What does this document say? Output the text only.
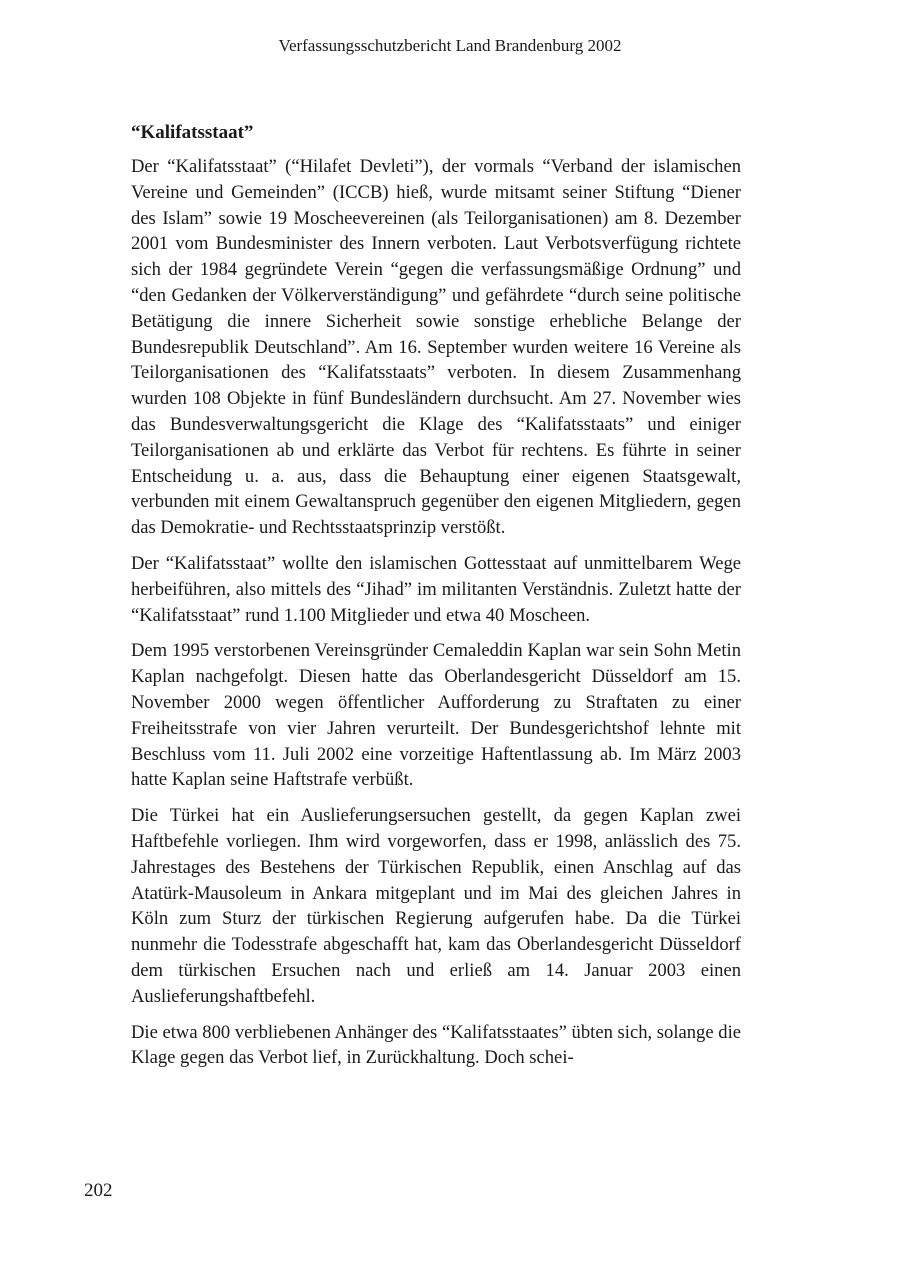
Verfassungsschutzbericht Land Brandenburg 2002
“Kalifatsstaat”

Der “Kalifatsstaat” (“Hilafet Devleti”), der vormals “Verband der islamischen Vereine und Gemeinden” (ICCB) hieß, wurde mitsamt seiner Stiftung “Diener des Islam” sowie 19 Moscheevereinen (als Teilorganisationen) am 8. Dezember 2001 vom Bundesminister des Innern verboten. Laut Verbotsverfügung richtete sich der 1984 gegründete Verein “gegen die verfassungsmäßige Ordnung” und “den Gedanken der Völkerverständigung” und gefährdete “durch seine politische Betätigung die innere Sicherheit sowie sonstige erhebliche Belange der Bundesrepublik Deutschland”. Am 16. September wurden weitere 16 Vereine als Teilorganisationen des “Kalifatsstaats” verboten. In diesem Zusammenhang wurden 108 Objekte in fünf Bundesländern durchsucht. Am 27. November wies das Bundesverwaltungsgericht die Klage des “Kalifatsstaats” und einiger Teilorganisationen ab und erklärte das Verbot für rechtens. Es führte in seiner Entscheidung u. a. aus, dass die Behauptung einer eigenen Staatsgewalt, verbunden mit einem Gewaltanspruch gegenüber den eigenen Mitgliedern, gegen das Demokratie- und Rechtsstaatsprinzip verstößt.

Der “Kalifatsstaat” wollte den islamischen Gottesstaat auf unmittelbarem Wege herbeiführen, also mittels des “Jihad” im militanten Verständnis. Zuletzt hatte der “Kalifatsstaat” rund 1.100 Mitglieder und etwa 40 Moscheen.

Dem 1995 verstorbenen Vereinsgründer Cemaleddin Kaplan war sein Sohn Metin Kaplan nachgefolgt. Diesen hatte das Oberlandesgericht Düsseldorf am 15. November 2000 wegen öffentlicher Aufforderung zu Straftaten zu einer Freiheitsstrafe von vier Jahren verurteilt. Der Bundesgerichtshof lehnte mit Beschluss vom 11. Juli 2002 eine vorzeitige Haftentlassung ab. Im März 2003 hatte Kaplan seine Haftstrafe verbüßt.

Die Türkei hat ein Auslieferungsersuchen gestellt, da gegen Kaplan zwei Haftbefehle vorliegen. Ihm wird vorgeworfen, dass er 1998, anlässlich des 75. Jahrestages des Bestehens der Türkischen Republik, einen Anschlag auf das Atatürk-Mausoleum in Ankara mitgeplant und im Mai des gleichen Jahres in Köln zum Sturz der türkischen Regierung aufgerufen habe. Da die Türkei nunmehr die Todesstrafe abgeschafft hat, kam das Oberlandesgericht Düsseldorf dem türkischen Ersuchen nach und erließ am 14. Januar 2003 einen Auslieferungshaftbefehl.

Die etwa 800 verbliebenen Anhänger des “Kalifatsstaates” übten sich, solange die Klage gegen das Verbot lief, in Zurückhaltung. Doch schei-

202
